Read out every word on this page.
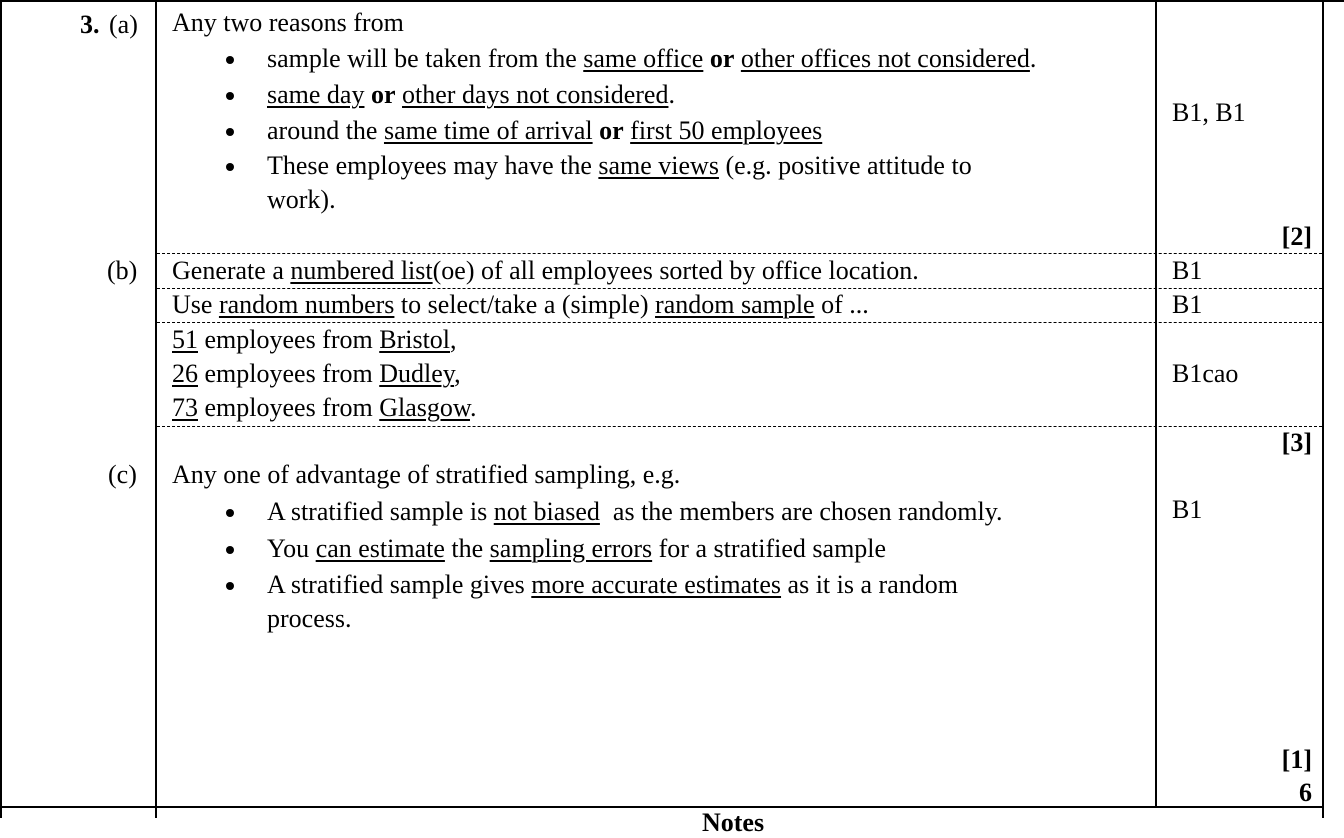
3. (a) Any two reasons from
sample will be taken from the same office or other offices not considered.
same day or other days not considered.
around the same time of arrival or first 50 employees
These employees may have the same views (e.g. positive attitude to
work).
B1, B1
[2]
(b) Generate a numbered list(oe) of all employees sorted by office location.	B1
Use random numbers to select/take a (simple) random sample of ...	B1
51 employees from Bristol,
26 employees from Dudley,
73 employees from Glasgow.
B1cao
[3]
(c) Any one of advantage of stratified sampling, e.g.
A stratified sample is not biased  as the members are chosen randomly.
You can estimate the sampling errors for a stratified sample
A stratified sample gives more accurate estimates as it is a random
process.
B1
[1]
6
Notes
